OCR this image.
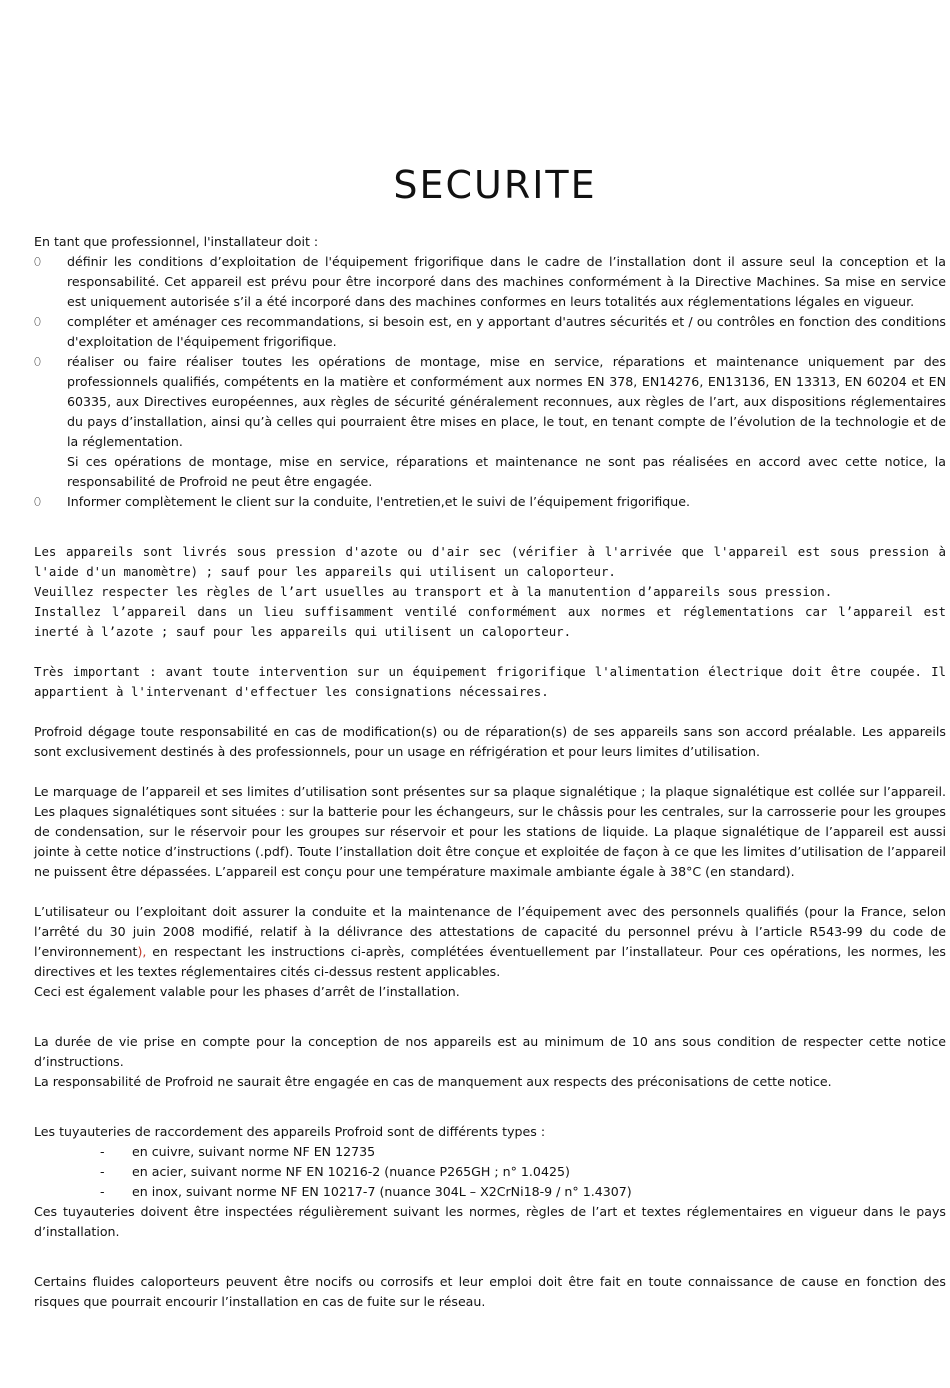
SECURITE

En tant que professionnel, l'installateur doit :

⬯ définir les conditions d’exploitation de l'équipement frigorifique dans le cadre de l’installation dont il assure seul la conception et la responsabilité. Cet appareil est prévu pour être incorporé dans des machines conformément à la Directive Machines. Sa mise en service est uniquement autorisée s’il a été incorporé dans des machines conformes en leurs totalités aux réglementations légales en vigueur.
⬯ compléter et aménager ces recommandations, si besoin est, en y apportant d'autres sécurités et / ou contrôles en fonction des conditions d'exploitation de l'équipement frigorifique.
⬯ réaliser ou faire réaliser toutes les opérations de montage, mise en service, réparations et maintenance uniquement par des professionnels qualifiés, compétents en la matière et conformément aux normes EN 378, EN14276, EN13136, EN 13313, EN 60204 et EN 60335, aux Directives européennes, aux règles de sécurité généralement reconnues, aux règles de l’art, aux dispositions réglementaires du pays d’installation, ainsi qu’à celles qui pourraient être mises en place, le tout, en tenant compte de l’évolution de la technologie et de la réglementation.

Si ces opérations de montage, mise en service, réparations et maintenance ne sont pas réalisées en accord avec cette notice, la responsabilité de Profroid ne peut être engagée.

⬯ Informer complètement le client sur la conduite, l'entretien,et le suivi de l’équipement frigorifique.

Les appareils sont livrés sous pression d'azote ou d'air sec (vérifier à l'arrivée que l'appareil est sous pression à l'aide d'un manomètre) ; sauf pour les appareils qui utilisent un caloporteur.

Veuillez respecter les règles de l’art usuelles au transport et à la manutention d’appareils sous pression.

Installez l’appareil dans un lieu suffisamment ventilé conformément aux normes et réglementations car l’appareil est inerté à l’azote ; sauf pour les appareils qui utilisent un caloporteur.

Très important : avant toute intervention sur un équipement frigorifique l'alimentation électrique doit être coupée. Il appartient à l'intervenant d'effectuer les consignations nécessaires.

Profroid dégage toute responsabilité en cas de modification(s) ou de réparation(s) de ses appareils sans son accord préalable. Les appareils sont exclusivement destinés à des professionnels, pour un usage en réfrigération et pour leurs limites d’utilisation.

Le marquage de l’appareil et ses limites d’utilisation sont présentes sur sa plaque signalétique ; la plaque signalétique est collée sur l’appareil. Les plaques signalétiques sont situées : sur la batterie pour les échangeurs, sur le châssis pour les centrales, sur la carrosserie pour les groupes de condensation, sur le réservoir pour les groupes sur réservoir et pour les stations de liquide. La plaque signalétique de l’appareil est aussi jointe à cette notice d’instructions (.pdf). Toute l’installation doit être conçue et exploitée de façon à ce que les limites d’utilisation de l’appareil ne puissent être dépassées. L’appareil est conçu pour une température maximale ambiante égale à 38°C (en standard).

L’utilisateur ou l’exploitant doit assurer la conduite et la maintenance de l’équipement avec des personnels qualifiés (pour la France, selon l’arrêté du 30 juin 2008 modifié, relatif à la délivrance des attestations de capacité du personnel prévu à l’article R543-99 du code de l’environnement), en respectant les instructions ci-après, complétées éventuellement par l’installateur. Pour ces opérations, les normes, les directives et les textes réglementaires cités ci-dessus restent applicables.

Ceci est également valable pour les phases d’arrêt de l’installation.

La durée de vie prise en compte pour la conception de nos appareils est au minimum de 10 ans sous condition de respecter cette notice d’instructions.

La responsabilité de Profroid ne saurait être engagée en cas de manquement aux respects des préconisations de cette notice.

Les tuyauteries de raccordement des appareils Profroid sont de différents types :

- en cuivre, suivant norme NF EN 12735
- en acier, suivant norme NF EN 10216-2 (nuance P265GH ; n° 1.0425)
- en inox, suivant norme NF EN 10217-7 (nuance 304L – X2CrNi18-9 / n° 1.4307)

Ces tuyauteries doivent être inspectées régulièrement suivant les normes, règles de l’art et textes réglementaires en vigueur dans le pays d’installation.

Certains fluides caloporteurs peuvent être nocifs ou corrosifs et leur emploi doit être fait en toute connaissance de cause en fonction des risques que pourrait encourir l’installation en cas de fuite sur le réseau.
